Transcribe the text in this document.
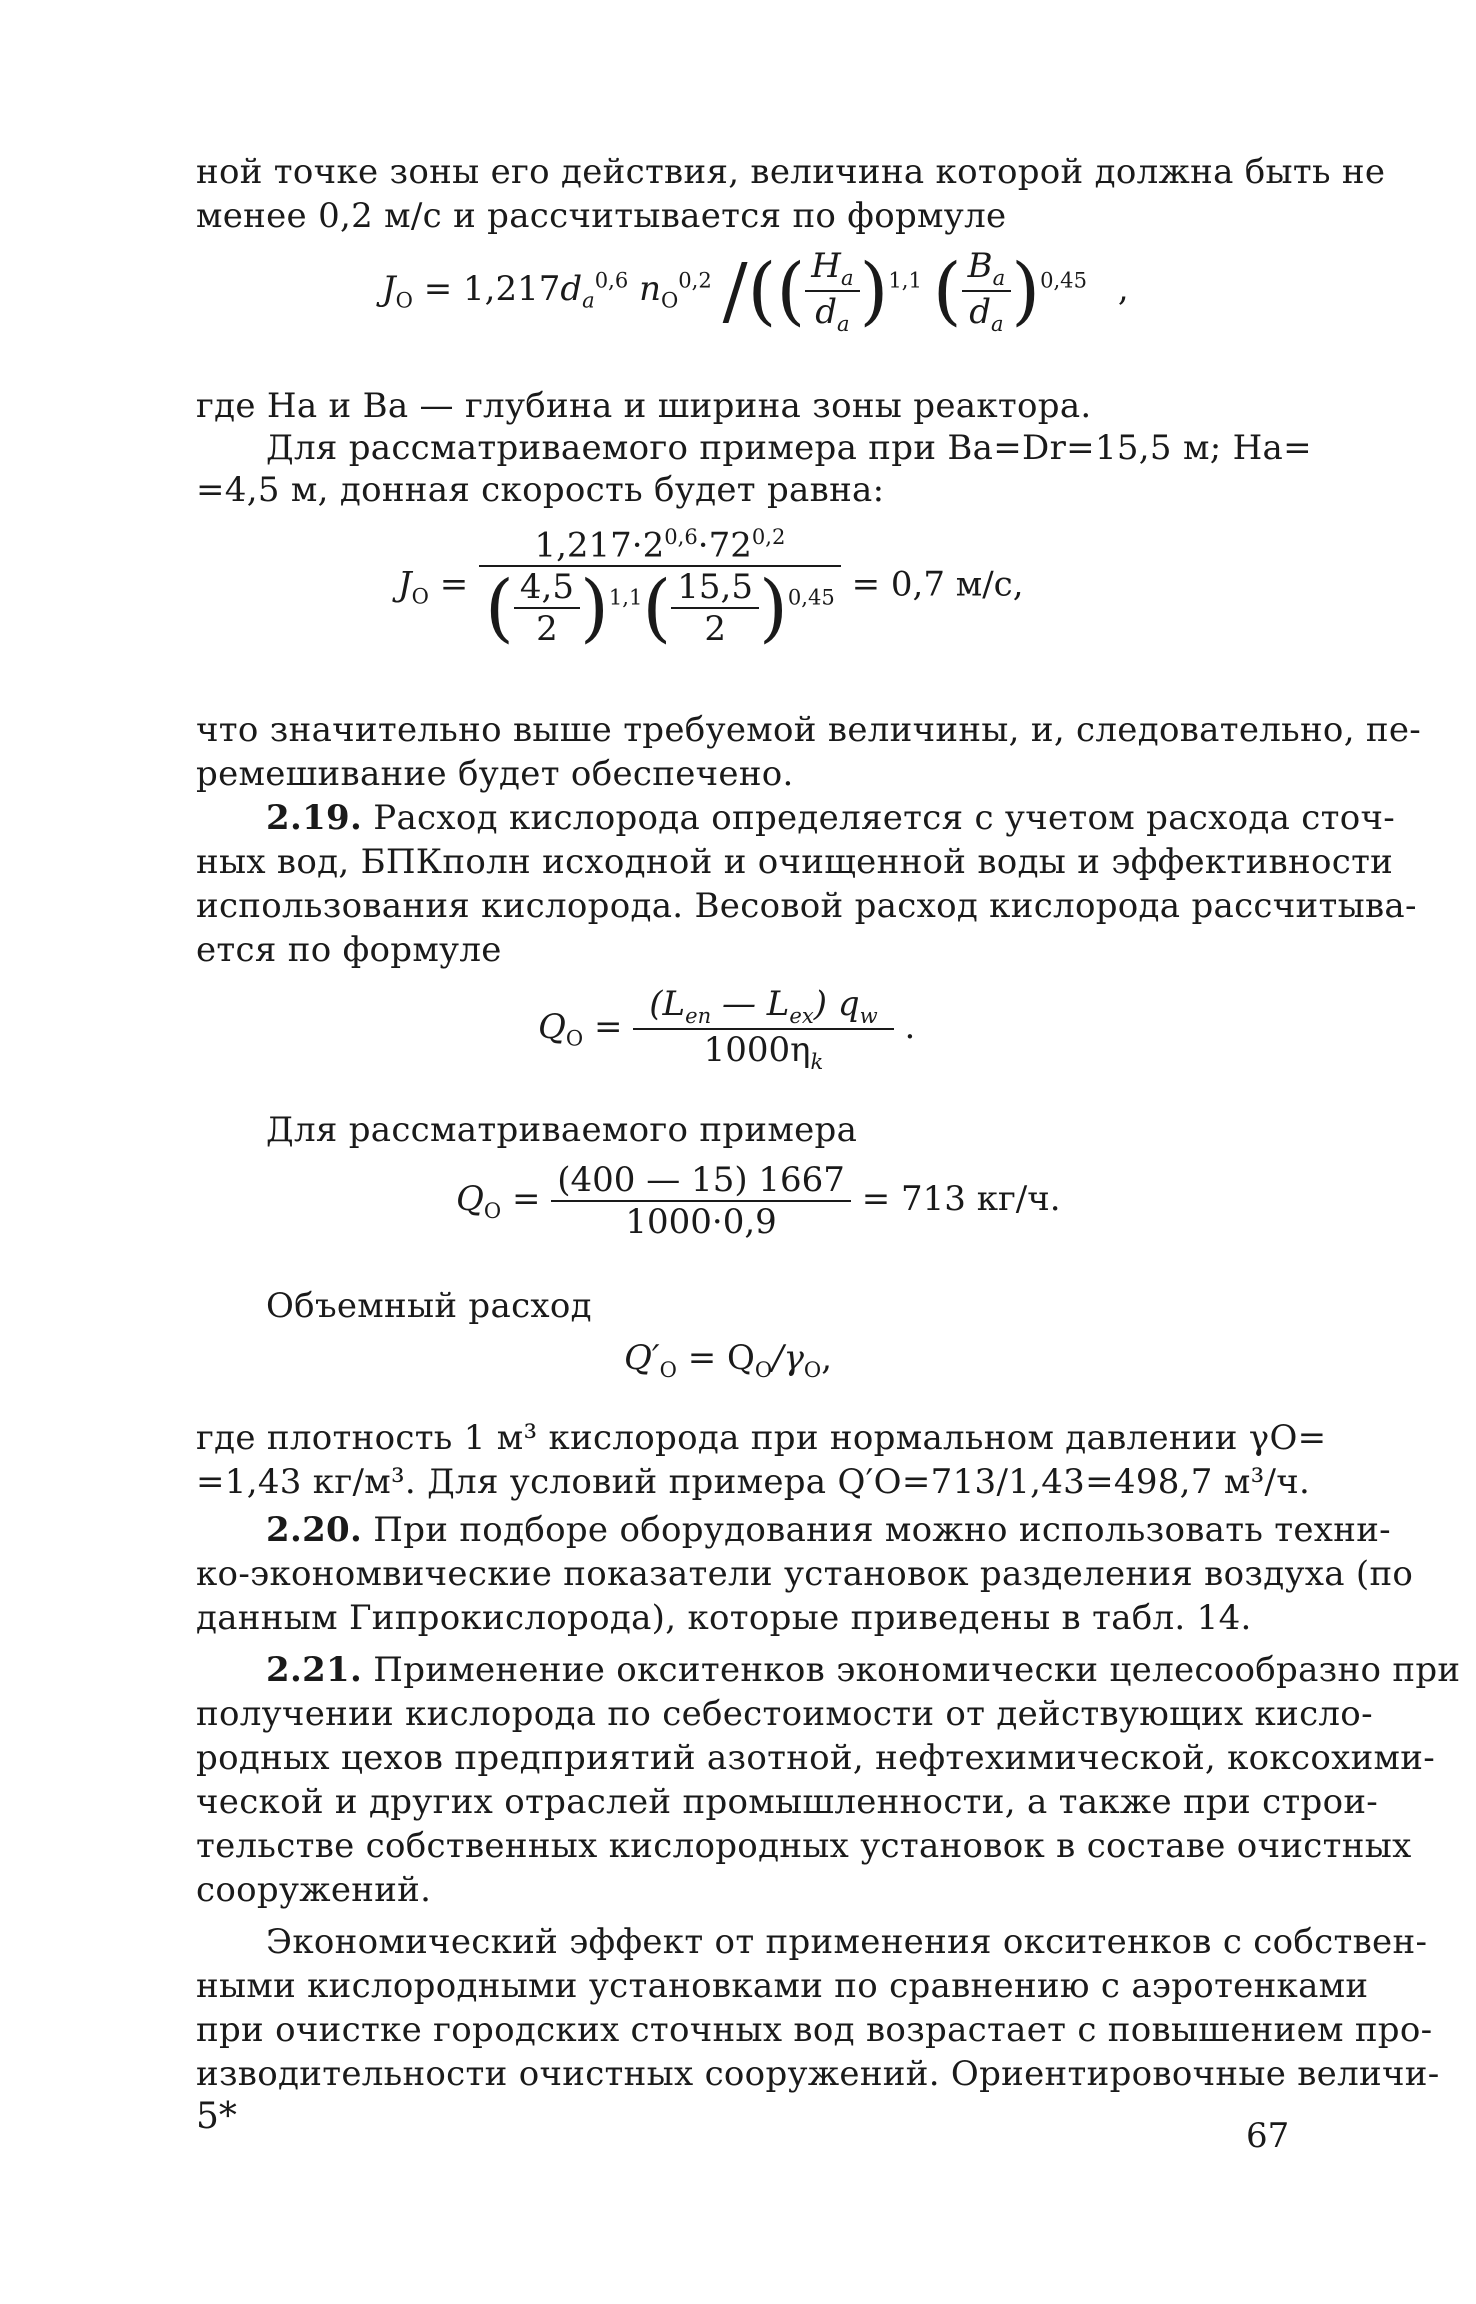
ной точке зоны его действия, величина которой должна быть не
менее 0,2 м/с и рассчитывается по формуле
$J_O = 1,217d_a^{0,6}$ $n_O^{0,2}$ /(( $\frac{H_a}{d_a} )^{1,1}$ ( $\frac{B_a}{d_a} )^{0,45}$ ,
где Hа и Bа — глубина и ширина зоны реактора.
Для рассматриваемого примера при Ba=Dr=15,5 м; Ha=
=4,5 м, донная скорость будет равна:
$J_O = \frac{1,217\cdot 2^{0,6}\cdot 72^{0,2}}{( \frac{4,5}{2} )^{1,1}( \frac{15,5}{2} )^{0,45}} = 0,7$ м/с,
что значительно выше требуемой величины, и, следовательно, пе-
ремешивание будет обеспечено.
2.19. Расход кислорода определяется с учетом расхода сточ-
ных вод, БПКполн исходной и очищенной воды и эффективности
использования кислорода. Весовой расход кислорода рассчитыва-
ется по формуле
$Q_O = \frac{(L_{en} — L_{ex}) q_w}{1000\eta_k}$ .
Для рассматриваемого примера
$Q_O = \frac{(400 — 15) 1667}{1000\cdot 0,9} = 713$ кг/ч.
Объемный расход
$Q'_O = Q_O/\gamma_O$,
где плотность 1 м³ кислорода при нормальном давлении γO=
=1,43 кг/м³. Для условий примера Q′O=713/1,43=498,7 м³/ч.
2.20. При подборе оборудования можно использовать техни-
ко-экономвические показатели установок разделения воздуха (по
данным Гипрокислорода), которые приведены в табл. 14.
2.21. Применение окситенков экономически целесообразно при
получении кислорода по себестоимости от действующих кисло-
родных цехов предприятий азотной, нефтехимической, коксохими-
ческой и других отраслей промышленности, а также при строи-
тельстве собственных кислородных установок в составе очистных
сооружений.
Экономический эффект от применения окситенков с собствен-
ными кислородными установками по сравнению с аэротенками
при очистке городских сточных вод возрастает с повышением про-
изводительности очистных сооружений. Ориентировочные величи-
5*	67
